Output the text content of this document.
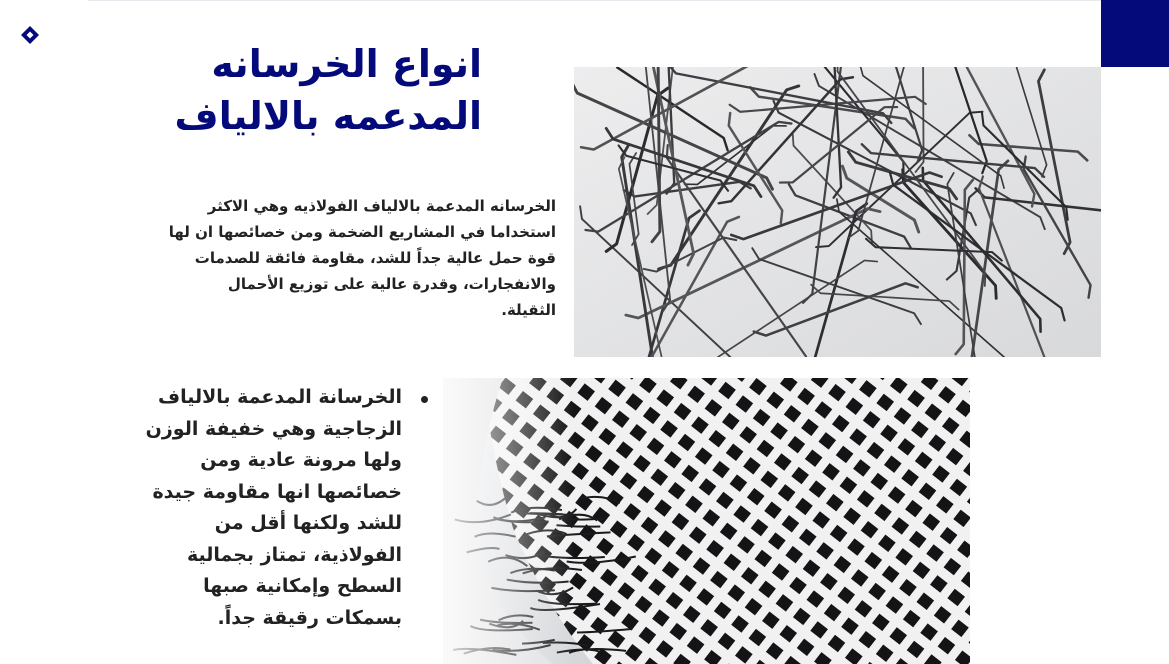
انواع الخرسانه المدعمه بالالياف

الخرسانه المدعمة بالالياف الفولاذيه وهي الاكثر استخداما في المشاريع الضخمة ومن خصائصها ان لها قوة حمل عالية جداً للشد، مقاومة فائقة للصدمات والانفجارات، وقدرة عالية على توزيع الأحمال الثقيلة.

الخرسانة المدعمة بالالياف الزجاجية وهي خفيفة الوزن ولها مرونة عادية ومن خصائصها انها مقاومة جيدة للشد ولكنها أقل من الفولاذية، تمتاز بجمالية السطح وإمكانية صبها بسمكات رقيقة جداً.
